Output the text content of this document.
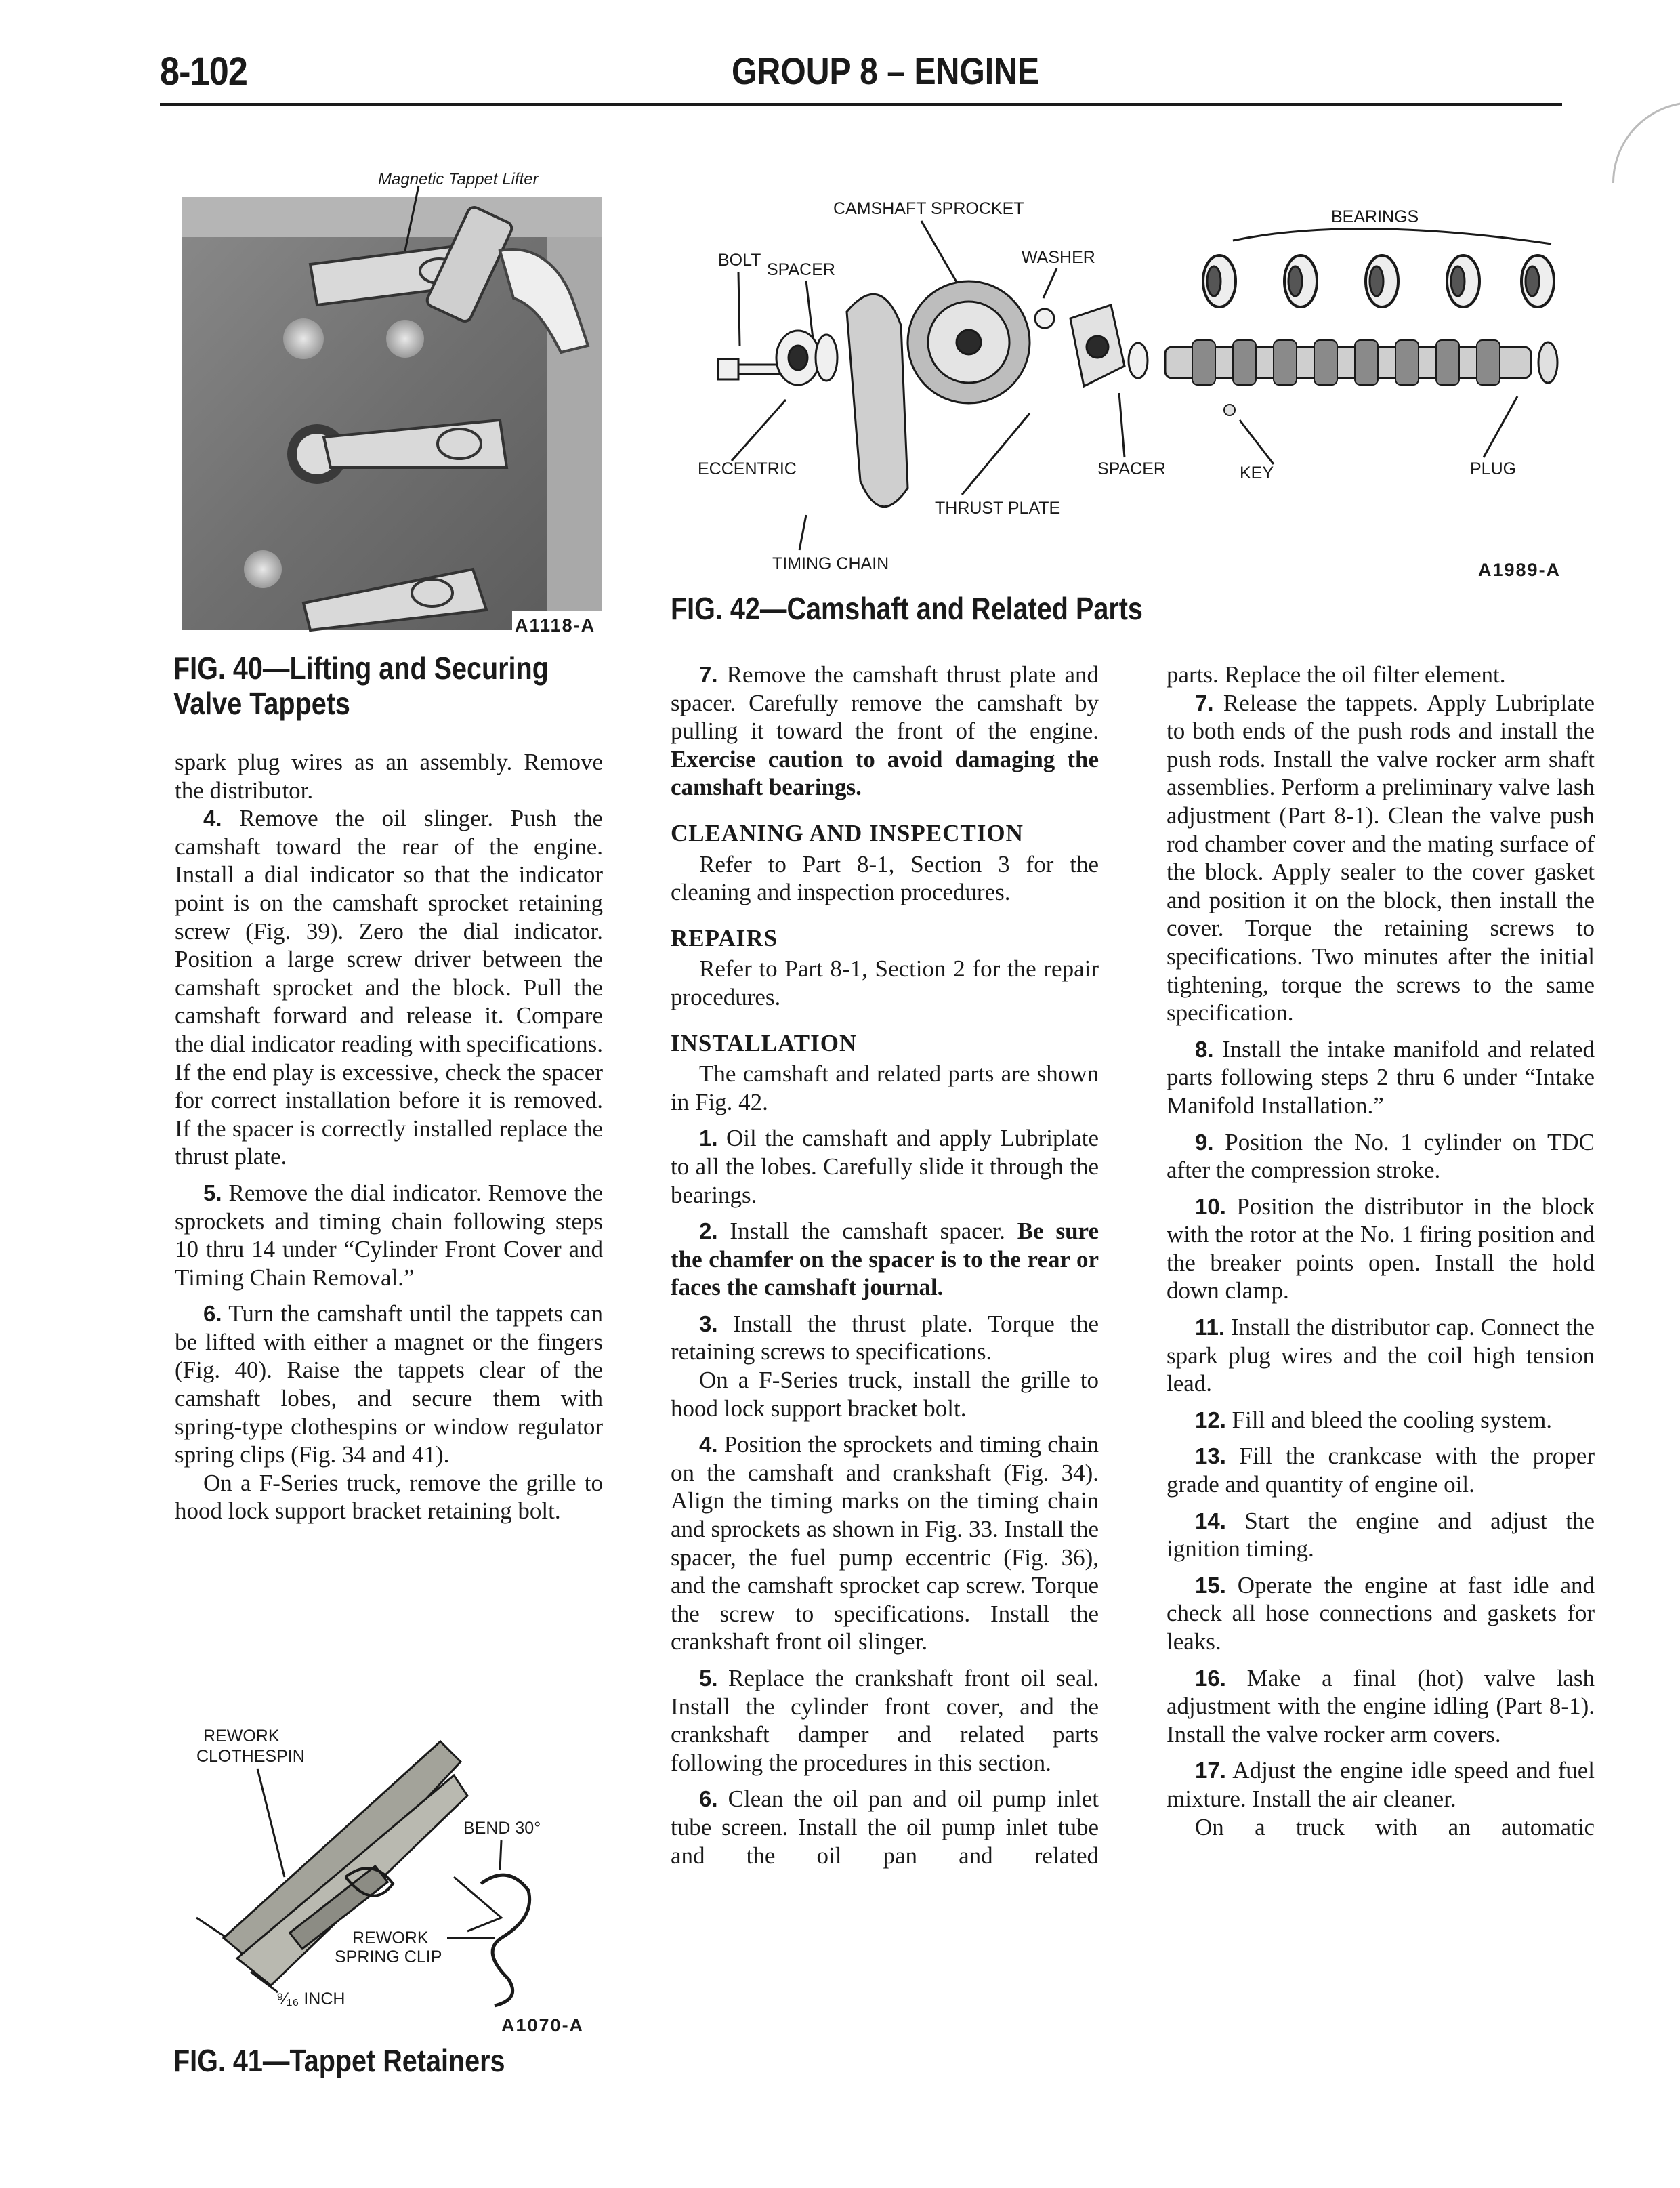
8-102	GROUP 8 – ENGINE
Magnetic Tappet Lifter
A1118-A
FIG. 40—Lifting and Securing
Valve Tappets
CAMSHAFT SPROCKET	BEARINGS
BOLT SPACER
WASHER
ECCENTRIC	SPACER	KEY	PLUG
THRUST PLATE
TIMING CHAIN	A1989-A
FIG. 42—Camshaft and Related Parts
REWORK
CLOTHESPIN
BEND 30°
REWORK
SPRING CLIP
⁹⁄₁₆ INCH
A1070-A
FIG. 41—Tappet Retainers

spark plug wires as an assembly. Remove the distributor.

4. Remove the oil slinger. Push the camshaft toward the rear of the engine. Install a dial indicator so that the indicator point is on the camshaft sprocket retaining screw (Fig. 39). Zero the dial indicator. Position a large screw driver between the camshaft sprocket and the block. Pull the camshaft forward and release it. Compare the dial indicator reading with specifications. If the end play is excessive, check the spacer for correct installation before it is removed. If the spacer is correctly installed replace the thrust plate.

5. Remove the dial indicator. Remove the sprockets and timing chain following steps 10 thru 14 under “Cylinder Front Cover and Timing Chain Removal.”

6. Turn the camshaft until the tappets can be lifted with either a magnet or the fingers (Fig. 40). Raise the tappets clear of the camshaft lobes, and secure them with spring-type clothespins or window regulator spring clips (Fig. 34 and 41).

On a F-Series truck, remove the grille to hood lock support bracket retaining bolt.

7. Remove the camshaft thrust plate and spacer. Carefully remove the camshaft by pulling it toward the front of the engine. Exercise caution to avoid damaging the camshaft bearings.

CLEANING AND INSPECTION

Refer to Part 8-1, Section 3 for the cleaning and inspection procedures.

REPAIRS

Refer to Part 8-1, Section 2 for the repair procedures.

INSTALLATION

The camshaft and related parts are shown in Fig. 42.

1. Oil the camshaft and apply Lubriplate to all the lobes. Carefully slide it through the bearings.

2. Install the camshaft spacer. Be sure the chamfer on the spacer is to the rear or faces the camshaft journal.

3. Install the thrust plate. Torque the retaining screws to specifications.

On a F-Series truck, install the grille to hood lock support bracket bolt.

4. Position the sprockets and timing chain on the camshaft and crankshaft (Fig. 34). Align the timing marks on the timing chain and sprockets as shown in Fig. 33. Install the spacer, the fuel pump eccentric (Fig. 36), and the camshaft sprocket cap screw. Torque the screw to specifications. Install the crankshaft front oil slinger.

5. Replace the crankshaft front oil seal. Install the cylinder front cover, and the crankshaft damper and related parts following the procedures in this section.

6. Clean the oil pan and oil pump inlet tube screen. Install the oil pump inlet tube and the oil pan and related

parts. Replace the oil filter element.

7. Release the tappets. Apply Lubriplate to both ends of the push rods and install the push rods. Install the valve rocker arm shaft assemblies. Perform a preliminary valve lash adjustment (Part 8-1). Clean the valve push rod chamber cover and the mating surface of the block. Apply sealer to the cover gasket and position it on the block, then install the cover. Torque the retaining screws to specifications. Two minutes after the initial tightening, torque the screws to the same specification.

8. Install the intake manifold and related parts following steps 2 thru 6 under “Intake Manifold Installation.”

9. Position the No. 1 cylinder on TDC after the compression stroke.

10. Position the distributor in the block with the rotor at the No. 1 firing position and the breaker points open. Install the hold down clamp.

11. Install the distributor cap. Connect the spark plug wires and the coil high tension lead.

12. Fill and bleed the cooling system.

13. Fill the crankcase with the proper grade and quantity of engine oil.

14. Start the engine and adjust the ignition timing.

15. Operate the engine at fast idle and check all hose connections and gaskets for leaks.

16. Make a final (hot) valve lash adjustment with the engine idling (Part 8-1). Install the valve rocker arm covers.

17. Adjust the engine idle speed and fuel mixture. Install the air cleaner.

On a truck with an automatic
